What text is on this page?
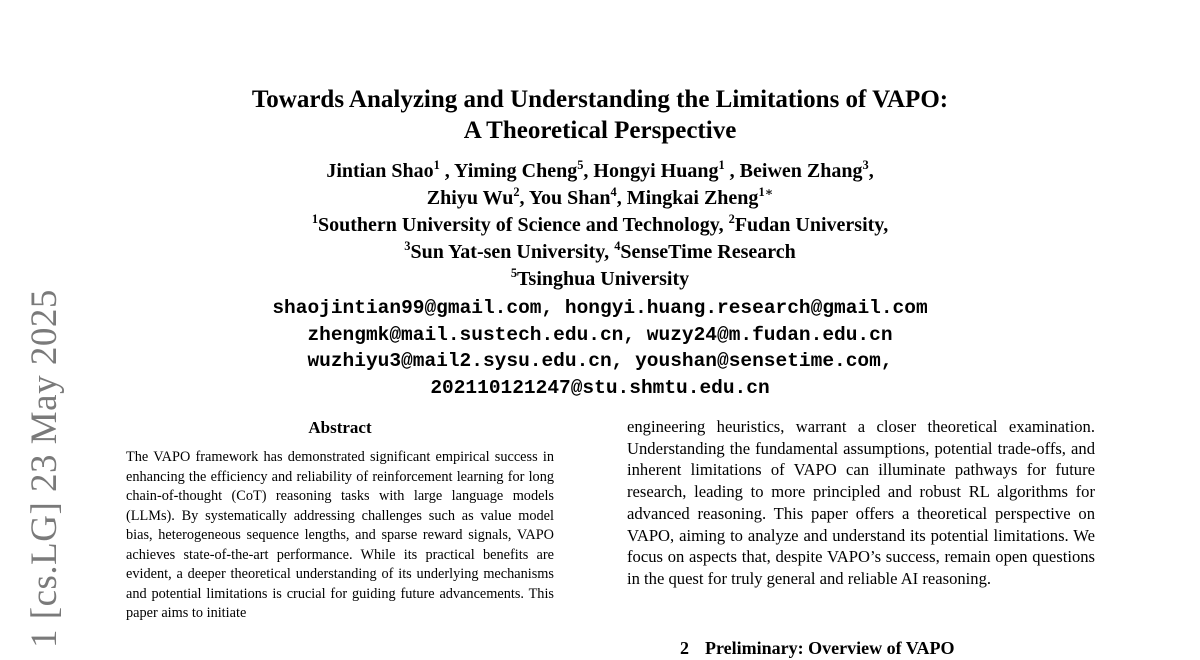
1 [cs.LG] 23 May 2025
Towards Analyzing and Understanding the Limitations of VAPO:
A Theoretical Perspective
Jintian Shao$^1$ , Yiming Cheng$^5$, Hongyi Huang$^1$ , Beiwen Zhang$^3$,
Zhiyu Wu$^2$, You Shan$^4$, Mingkai Zheng$^{1∗}$
$^1$Southern University of Science and Technology, $^2$Fudan University,
$^3$Sun Yat-sen University, $^4$SenseTime Research
$^5$Tsinghua University
shaojintian99@gmail.com, hongyi.huang.research@gmail.com
zhengmk@mail.sustech.edu.cn, wuzy24@m.fudan.edu.cn
wuzhiyu3@mail2.sysu.edu.cn, youshan@sensetime.com,
202110121247@stu.shmtu.edu.cn
Abstract

The VAPO framework has demonstrated significant empirical success in enhancing the efficiency and reliability of reinforcement learning for long chain-of-thought (CoT) reasoning tasks with large language models (LLMs). By systematically addressing challenges such as value model bias, heterogeneous sequence lengths, and sparse reward signals, VAPO achieves state-of-the-art performance. While its practical benefits are evident, a deeper theoretical understanding of its underlying mechanisms and potential limitations is crucial for guiding future advancements. This paper aims to initiate

engineering heuristics, warrant a closer theoretical examination. Understanding the fundamental assumptions, potential trade-offs, and inherent limitations of VAPO can illuminate pathways for future research, leading to more principled and robust RL algorithms for advanced reasoning. This paper offers a theoretical perspective on VAPO, aiming to analyze and understand its potential limitations. We focus on aspects that, despite VAPO’s success, remain open questions in the quest for truly general and reliable AI reasoning.

2 Preliminary: Overview of VAPO
